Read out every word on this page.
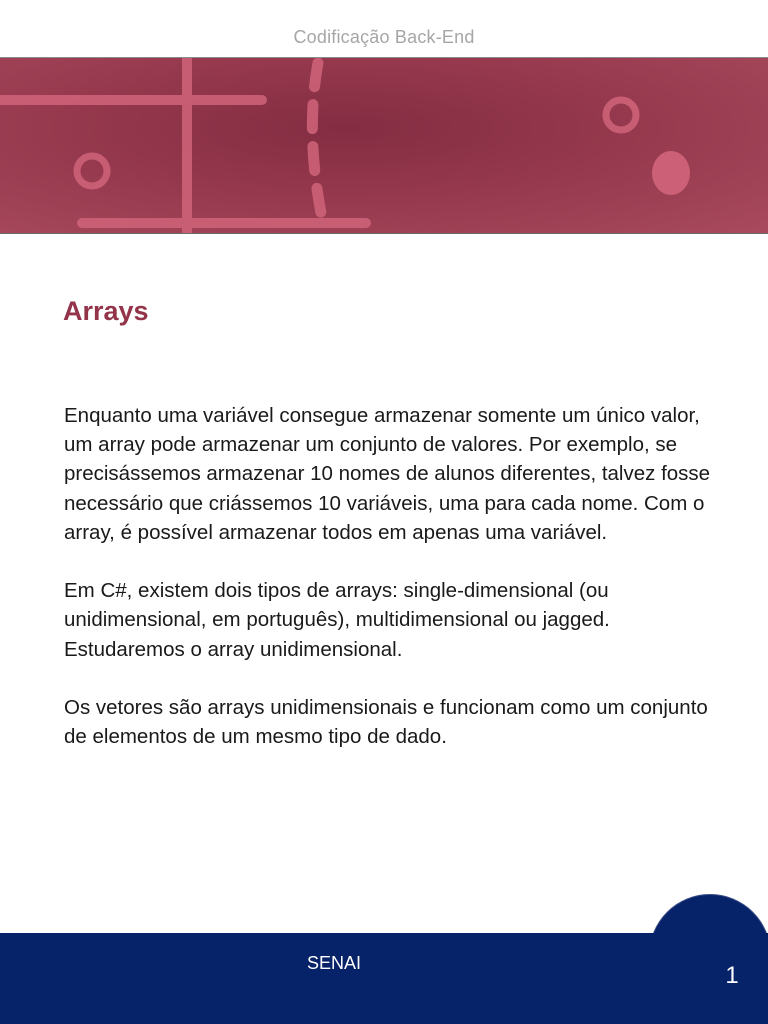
Codificação Back-End
Arrays

Enquanto uma variável consegue armazenar somente um único valor, um array pode armazenar um conjunto de valores. Por exemplo, se precisássemos armazenar 10 nomes de alunos diferentes, talvez fosse necessário que criássemos 10 variáveis, uma para cada nome. Com o array, é possível armazenar todos em apenas uma variável.

Em C#, existem dois tipos de arrays: single-dimensional (ou unidimensional, em português), multidimensional ou jagged. Estudaremos o array unidimensional.

Os vetores são arrays unidimensionais e funcionam como um conjunto de elementos de um mesmo tipo de dado.

SENAI	1
